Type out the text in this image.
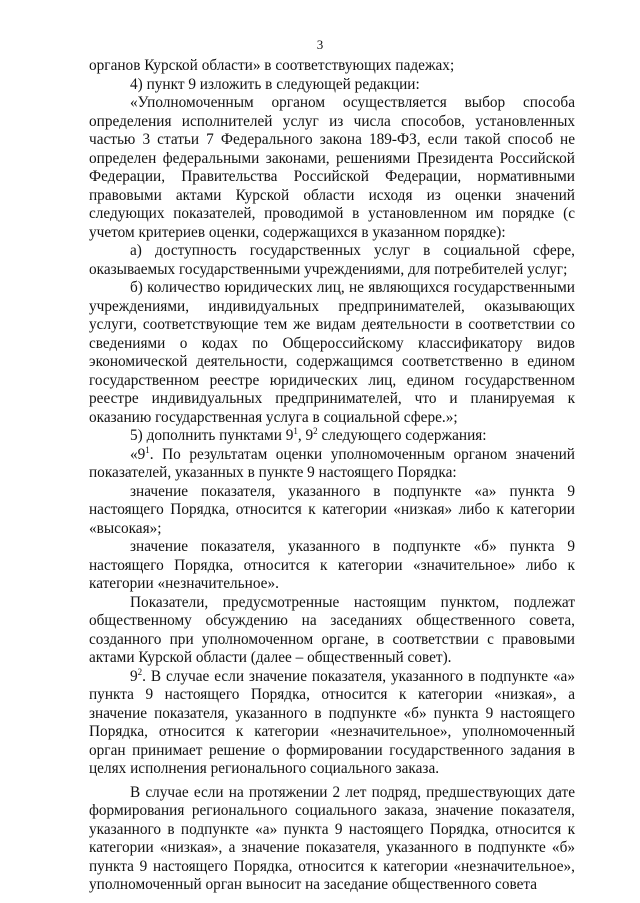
3

органов Курской области» в соответствующих падежах;

4) пункт 9 изложить в следующей редакции:

«Уполномоченным органом осуществляется выбор способа определения исполнителей услуг из числа способов, установленных частью 3 статьи 7 Федерального закона 189-ФЗ, если такой способ не определен федеральными законами, решениями Президента Российской Федерации, Правительства Российской Федерации, нормативными правовыми актами Курской области исходя из оценки значений следующих показателей, проводимой в установленном им порядке (с учетом критериев оценки, содержащихся в указанном порядке):

а) доступность государственных услуг в социальной сфере, оказываемых государственными учреждениями, для потребителей услуг;

б) количество юридических лиц, не являющихся государственными учреждениями, индивидуальных предпринимателей, оказывающих услуги, соответствующие тем же видам деятельности в соответствии со сведениями о кодах по Общероссийскому классификатору видов экономической деятельности, содержащимся соответственно в едином государственном реестре юридических лиц, едином государственном реестре индивидуальных предпринимателей, что и планируемая к оказанию государственная услуга в социальной сфере.»;

5) дополнить пунктами $9^1$, $9^2$ следующего содержания:

«$9^1$. По результатам оценки уполномоченным органом значений показателей, указанных в пункте 9 настоящего Порядка:

значение показателя, указанного в подпункте «а» пункта 9 настоящего Порядка, относится к категории «низкая» либо к категории «высокая»;

значение показателя, указанного в подпункте «б» пункта 9 настоящего Порядка, относится к категории «значительное» либо к категории «незначительное».

Показатели, предусмотренные настоящим пунктом, подлежат общественному обсуждению на заседаниях общественного совета, созданного при уполномоченном органе, в соответствии с правовыми актами Курской области (далее – общественный совет).

$9^2$. В случае если значение показателя, указанного в подпункте «а» пункта 9 настоящего Порядка, относится к категории «низкая», а значение показателя, указанного в подпункте «б» пункта 9 настоящего Порядка, относится к категории «незначительное», уполномоченный орган принимает решение о формировании государственного задания в целях исполнения регионального социального заказа.

В случае если на протяжении 2 лет подряд, предшествующих дате формирования регионального социального заказа, значение показателя, указанного в подпункте «а» пункта 9 настоящего Порядка, относится к категории «низкая», а значение показателя, указанного в подпункте «б» пункта 9 настоящего Порядка, относится к категории «незначительное», уполномоченный орган выносит на заседание общественного совета
